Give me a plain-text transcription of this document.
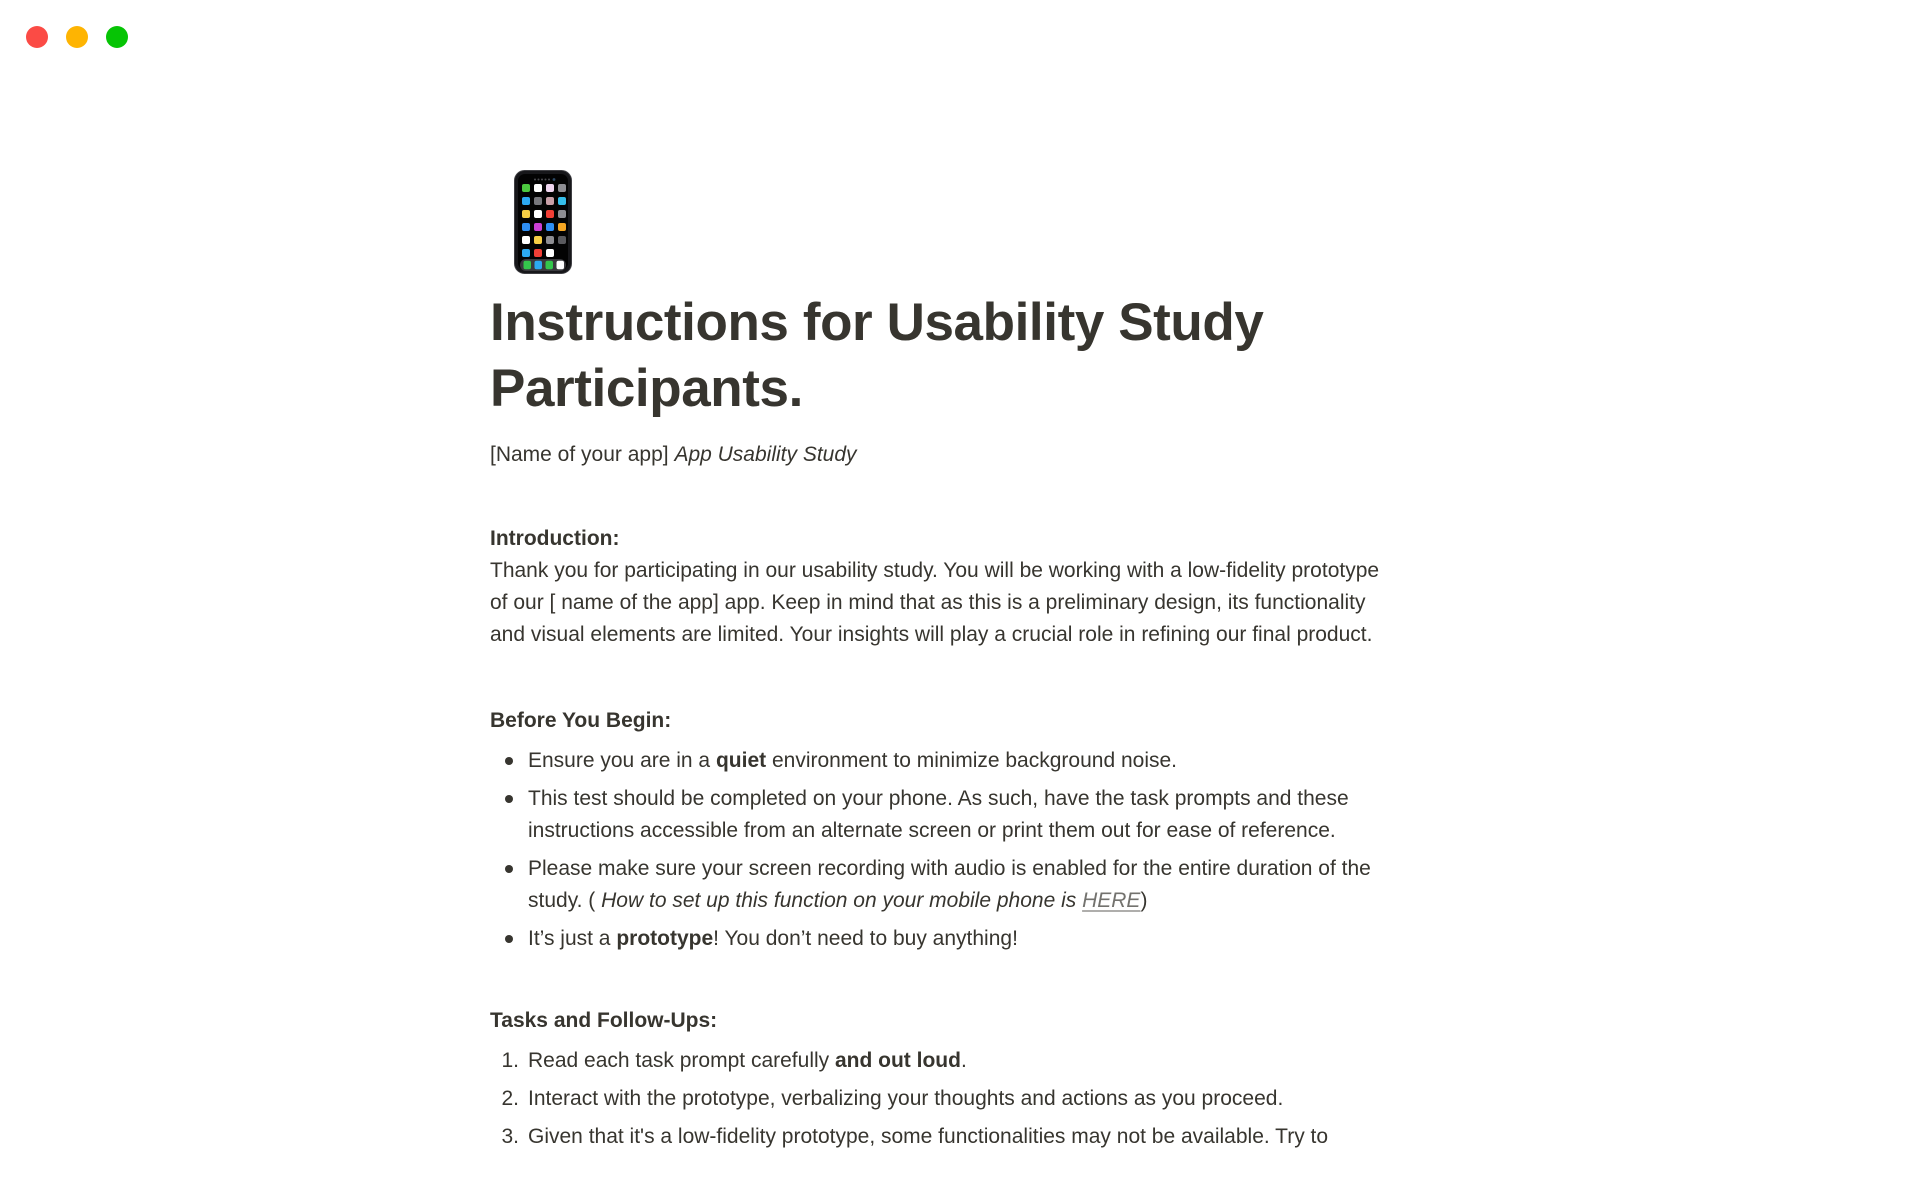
Instructions for Usability Study
Participants.
[Name of your app] App Usability Study
Introduction:
Thank you for participating in our usability study. You will be working with a low-fidelity prototype
of our [ name of the app] app. Keep in mind that as this is a preliminary design, its functionality
and visual elements are limited. Your insights will play a crucial role in refining our final product.
Before You Begin:
Ensure you are in a quiet environment to minimize background noise.
This test should be completed on your phone. As such, have the task prompts and these
instructions accessible from an alternate screen or print them out for ease of reference.
Please make sure your screen recording with audio is enabled for the entire duration of the
study. ( How to set up this function on your mobile phone is HERE)
It’s just a prototype! You don’t need to buy anything!
Tasks and Follow-Ups:
1. Read each task prompt carefully and out loud.
2. Interact with the prototype, verbalizing your thoughts and actions as you proceed.
3. Given that it's a low-fidelity prototype, some functionalities may not be available. Try to
